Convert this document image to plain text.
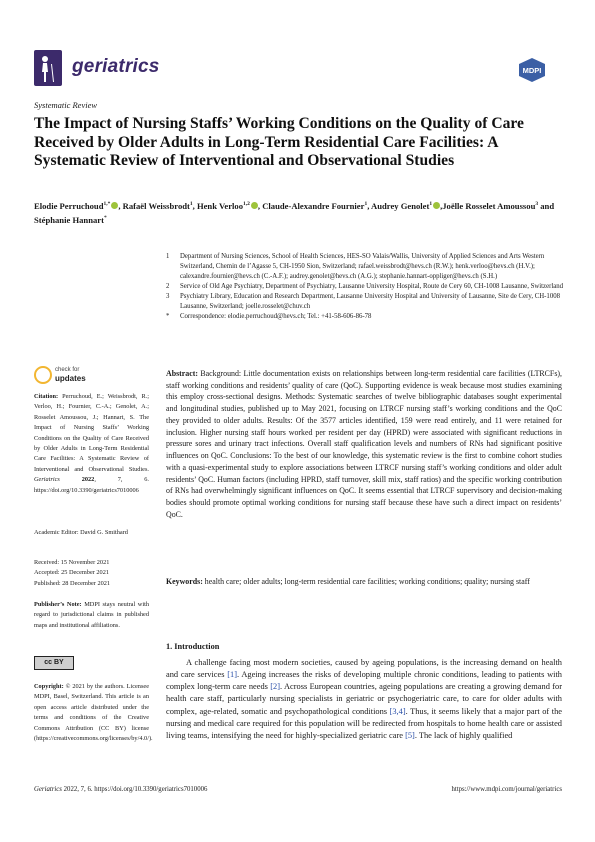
geriatrics	MDPI
Systematic Review
The Impact of Nursing Staffs’ Working Conditions on the Quality of Care Received by Older Adults in Long-Term Residential Care Facilities: A Systematic Review of Interventional and Observational Studies
Elodie Perruchoud$^{1,*}$ , Rafaël Weissbrodt$^1$, Henk Verloo$^{1,2}$ , Claude-Alexandre Fournier$^1$, Audrey Genolet$^1$ ,Joëlle Rosselet Amoussou$^3$ and Stéphanie Hannart*
1 Department of Nursing Sciences, School of Health Sciences, HES-SO Valais/Wallis, University of Applied Sciences and Arts Western Switzerland, Chemin de l’Agasse 5, CH-1950 Sion, Switzerland; rafael.weissbrodt@hevs.ch (R.W.); henk.verloo@hevs.ch (H.V.); calexandre.fournier@hevs.ch (C.-A.F.); audrey.genolet@hevs.ch (A.G.); stephanie.hannart-oppliger@hevs.ch (S.H.)
2 Service of Old Age Psychiatry, Department of Psychiatry, Lausanne University Hospital, Route de Cery 60, CH-1008 Lausanne, Switzerland
3 Psychiatry Library, Education and Research Department, Lausanne University Hospital and University of Lausanne, Site de Cery, CH-1008 Lausanne, Switzerland; joelle.rosselet@chuv.ch
* Correspondence: elodie.perruchoud@hevs.ch; Tel.: +41-58-606-86-78
check for
updates
Citation: Perruchoud, E.; Weissbrodt, R.; Verloo, H.; Fournier, C.-A.; Genolet, A.; Rosselet Amoussou, J.; Hannart, S. The Impact of Nursing Staffs’ Working Conditions on the Quality of Care Received by Older Adults in Long-Term Residential Care Facilities: A Systematic Review of Interventional and Observational Studies. Geriatrics 2022, 7, 6. https://doi.org/10.3390/geriatrics7010006
Academic Editor: David G. Smithard
Received: 15 November 2021
Accepted: 25 December 2021
Published: 28 December 2021
Publisher’s Note: MDPI stays neutral with regard to jurisdictional claims in published maps and institutional affiliations.
cc BY
Copyright: © 2021 by the authors. Licensee MDPI, Basel, Switzerland. This article is an open access article distributed under the terms and conditions of the Creative Commons Attribution (CC BY) license (https://creativecommons.org/licenses/by/4.0/).
Abstract: Background: Little documentation exists on relationships between long-term residential care facilities (LTRCFs), staff working conditions and residents’ quality of care (QoC). Supporting evidence is weak because most studies examining this employ cross-sectional designs. Methods: Systematic searches of twelve bibliographic databases sought experimental and longitudinal studies, published up to May 2021, focusing on LTRCF nursing staff’s working conditions and the QoC they provided to older adults. Results: Of the 3577 articles identified, 159 were read entirely, and 11 were retained for inclusion. Higher nursing staff hours worked per resident per day (HPRD) were associated with significant reductions in pressure sores and urinary tract infections. Overall staff qualification levels and numbers of RNs had significant positive influences on QoC. Conclusions: To the best of our knowledge, this systematic review is the first to combine cohort studies with a quasi-experimental study to explore associations between LTRCF nursing staff’s working conditions and older adult residents’ QoC. Human factors (including HPRD, staff turnover, skill mix, staff ratios) and the specific working contribution of RNs had overwhelmingly significant influences on QoC. It seems essential that LTRCF supervisory and decision-making bodies should promote optimal working conditions for nursing staff because these have such a direct impact on residents’ QoC.
Keywords: health care; older adults; long-term residential care facilities; working conditions; quality; nursing staff
1. Introduction
A challenge facing most modern societies, caused by ageing populations, is the increasing demand on health and care services [1]. Ageing increases the risks of developing multiple chronic conditions, leading to patients with complex long-term care needs [2]. Across European countries, ageing populations are creating a growing demand for health care staff, particularly nursing specialists in geriatric or psychogeriatric care, to care for older adults with complex, age-related, somatic and psychopathological conditions [3,4]. Thus, it seems likely that a major part of the nursing and medical care required for this population will be redirected from hospitals to home health care or assisted living teams, intensifying the need for highly-specialized geriatric care [5]. The lack of highly qualified
Geriatrics 2022, 7, 6. https://doi.org/10.3390/geriatrics7010006	https://www.mdpi.com/journal/geriatrics
